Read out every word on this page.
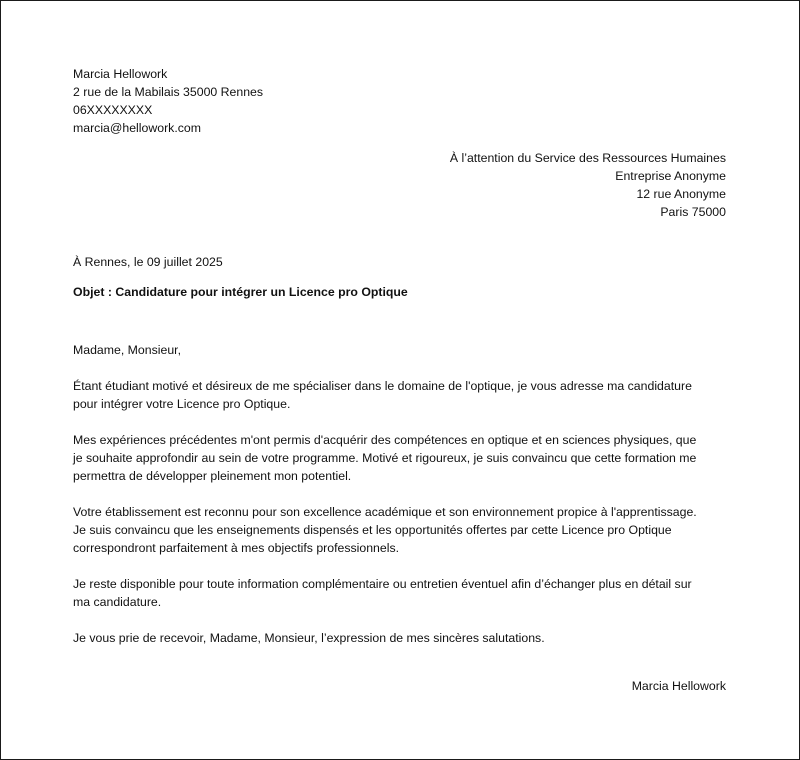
Marcia Hellowork
2 rue de la Mabilais 35000 Rennes
06XXXXXXXX
marcia@hellowork.com
À l’attention du Service des Ressources Humaines
Entreprise Anonyme
12 rue Anonyme
Paris 75000
À Rennes, le 09 juillet 2025
Objet : Candidature pour intégrer un Licence pro Optique
Madame, Monsieur,
Étant étudiant motivé et désireux de me spécialiser dans le domaine de l'optique, je vous adresse ma candidature
pour intégrer votre Licence pro Optique.
Mes expériences précédentes m'ont permis d'acquérir des compétences en optique et en sciences physiques, que
je souhaite approfondir au sein de votre programme. Motivé et rigoureux, je suis convaincu que cette formation me
permettra de développer pleinement mon potentiel.
Votre établissement est reconnu pour son excellence académique et son environnement propice à l'apprentissage.
Je suis convaincu que les enseignements dispensés et les opportunités offertes par cette Licence pro Optique
correspondront parfaitement à mes objectifs professionnels.
Je reste disponible pour toute information complémentaire ou entretien éventuel afin d’échanger plus en détail sur
ma candidature.
Je vous prie de recevoir, Madame, Monsieur, l’expression de mes sincères salutations.
Marcia Hellowork
